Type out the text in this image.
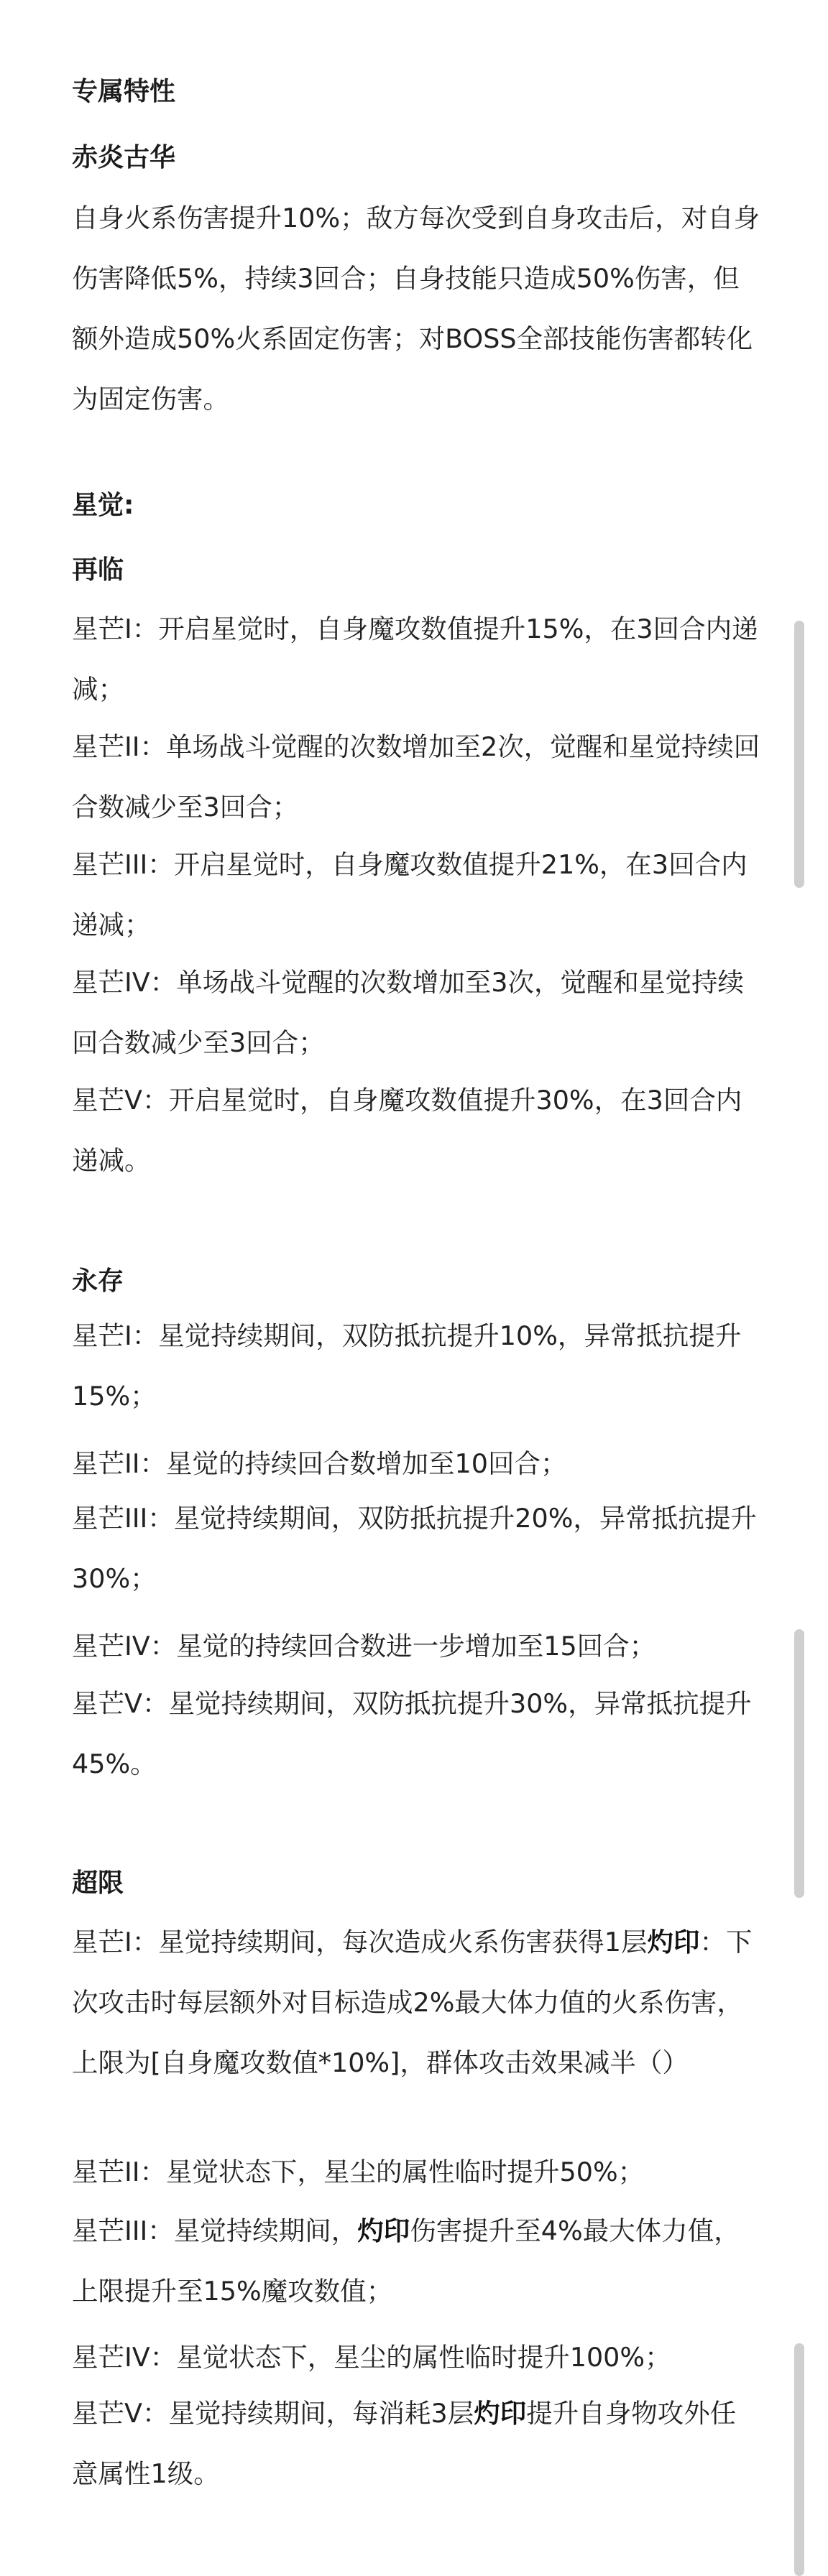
专属特性
赤炎古华
自身火系伤害提升10%；敌方每次受到自身攻击后，对自身伤害降低5%，持续3回合；自身技能只造成50%伤害，但额外造成50%火系固定伤害；对BOSS全部技能伤害都转化为固定伤害。
星觉:
再临
星芒I：开启星觉时，自身魔攻数值提升15%，在3回合内递减；
星芒II：单场战斗觉醒的次数增加至2次，觉醒和星觉持续回合数减少至3回合；
星芒III：开启星觉时，自身魔攻数值提升21%，在3回合内递减；
星芒IV：单场战斗觉醒的次数增加至3次，觉醒和星觉持续回合数减少至3回合；
星芒V：开启星觉时，自身魔攻数值提升30%，在3回合内递减。
永存
星芒I：星觉持续期间，双防抵抗提升10%，异常抵抗提升15%；
星芒II：星觉的持续回合数增加至10回合；
星芒III：星觉持续期间，双防抵抗提升20%，异常抵抗提升30%；
星芒IV：星觉的持续回合数进一步增加至15回合；
星芒V：星觉持续期间，双防抵抗提升30%，异常抵抗提升45%。
超限
星芒I：星觉持续期间，每次造成火系伤害获得1层灼印：下次攻击时每层额外对目标造成2%最大体力值的火系伤害，上限为[自身魔攻数值*10%]，群体攻击效果减半（）
星芒II：星觉状态下，星尘的属性临时提升50%；
星芒III：星觉持续期间，灼印伤害提升至4%最大体力值，上限提升至15%魔攻数值；
星芒IV：星觉状态下，星尘的属性临时提升100%；
星芒V：星觉持续期间，每消耗3层灼印提升自身物攻外任意属性1级。
